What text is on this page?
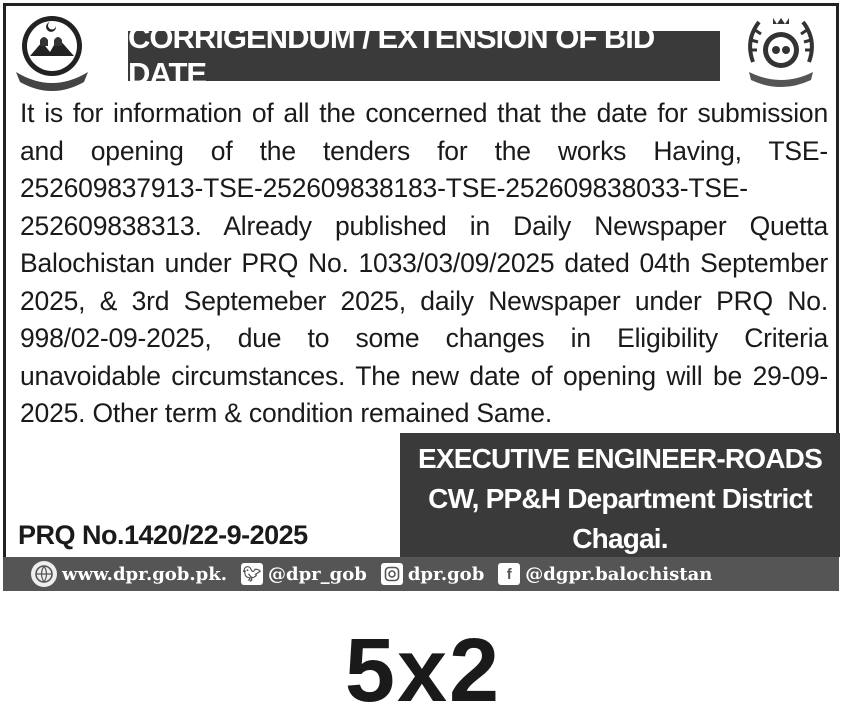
CORRIGENDUM / EXTENSION OF BID DATE
It is for information of all the concerned that the date for submission
and opening of the tenders for the works Having, TSE-
252609837913-TSE-252609838183-TSE-252609838033-TSE-
252609838313. Already published in Daily Newspaper Quetta
Balochistan under PRQ No. 1033/03/09/2025 dated 04th September
2025, & 3rd Septemeber 2025, daily Newspaper under PRQ No.
998/02-09-2025, due to some changes in Eligibility Criteria
unavoidable circumstances. The new date of opening will be 29-09-
2025. Other term & condition remained Same.
EXECUTIVE ENGINEER-ROADS
CW, PP&H Department District
Chagai.
PRQ No.1420/22-9-2025
www.dpr.gob.pk. 🐦︎ @dpr_gob dpr.gob	f @dgpr.balochistan
5x2
